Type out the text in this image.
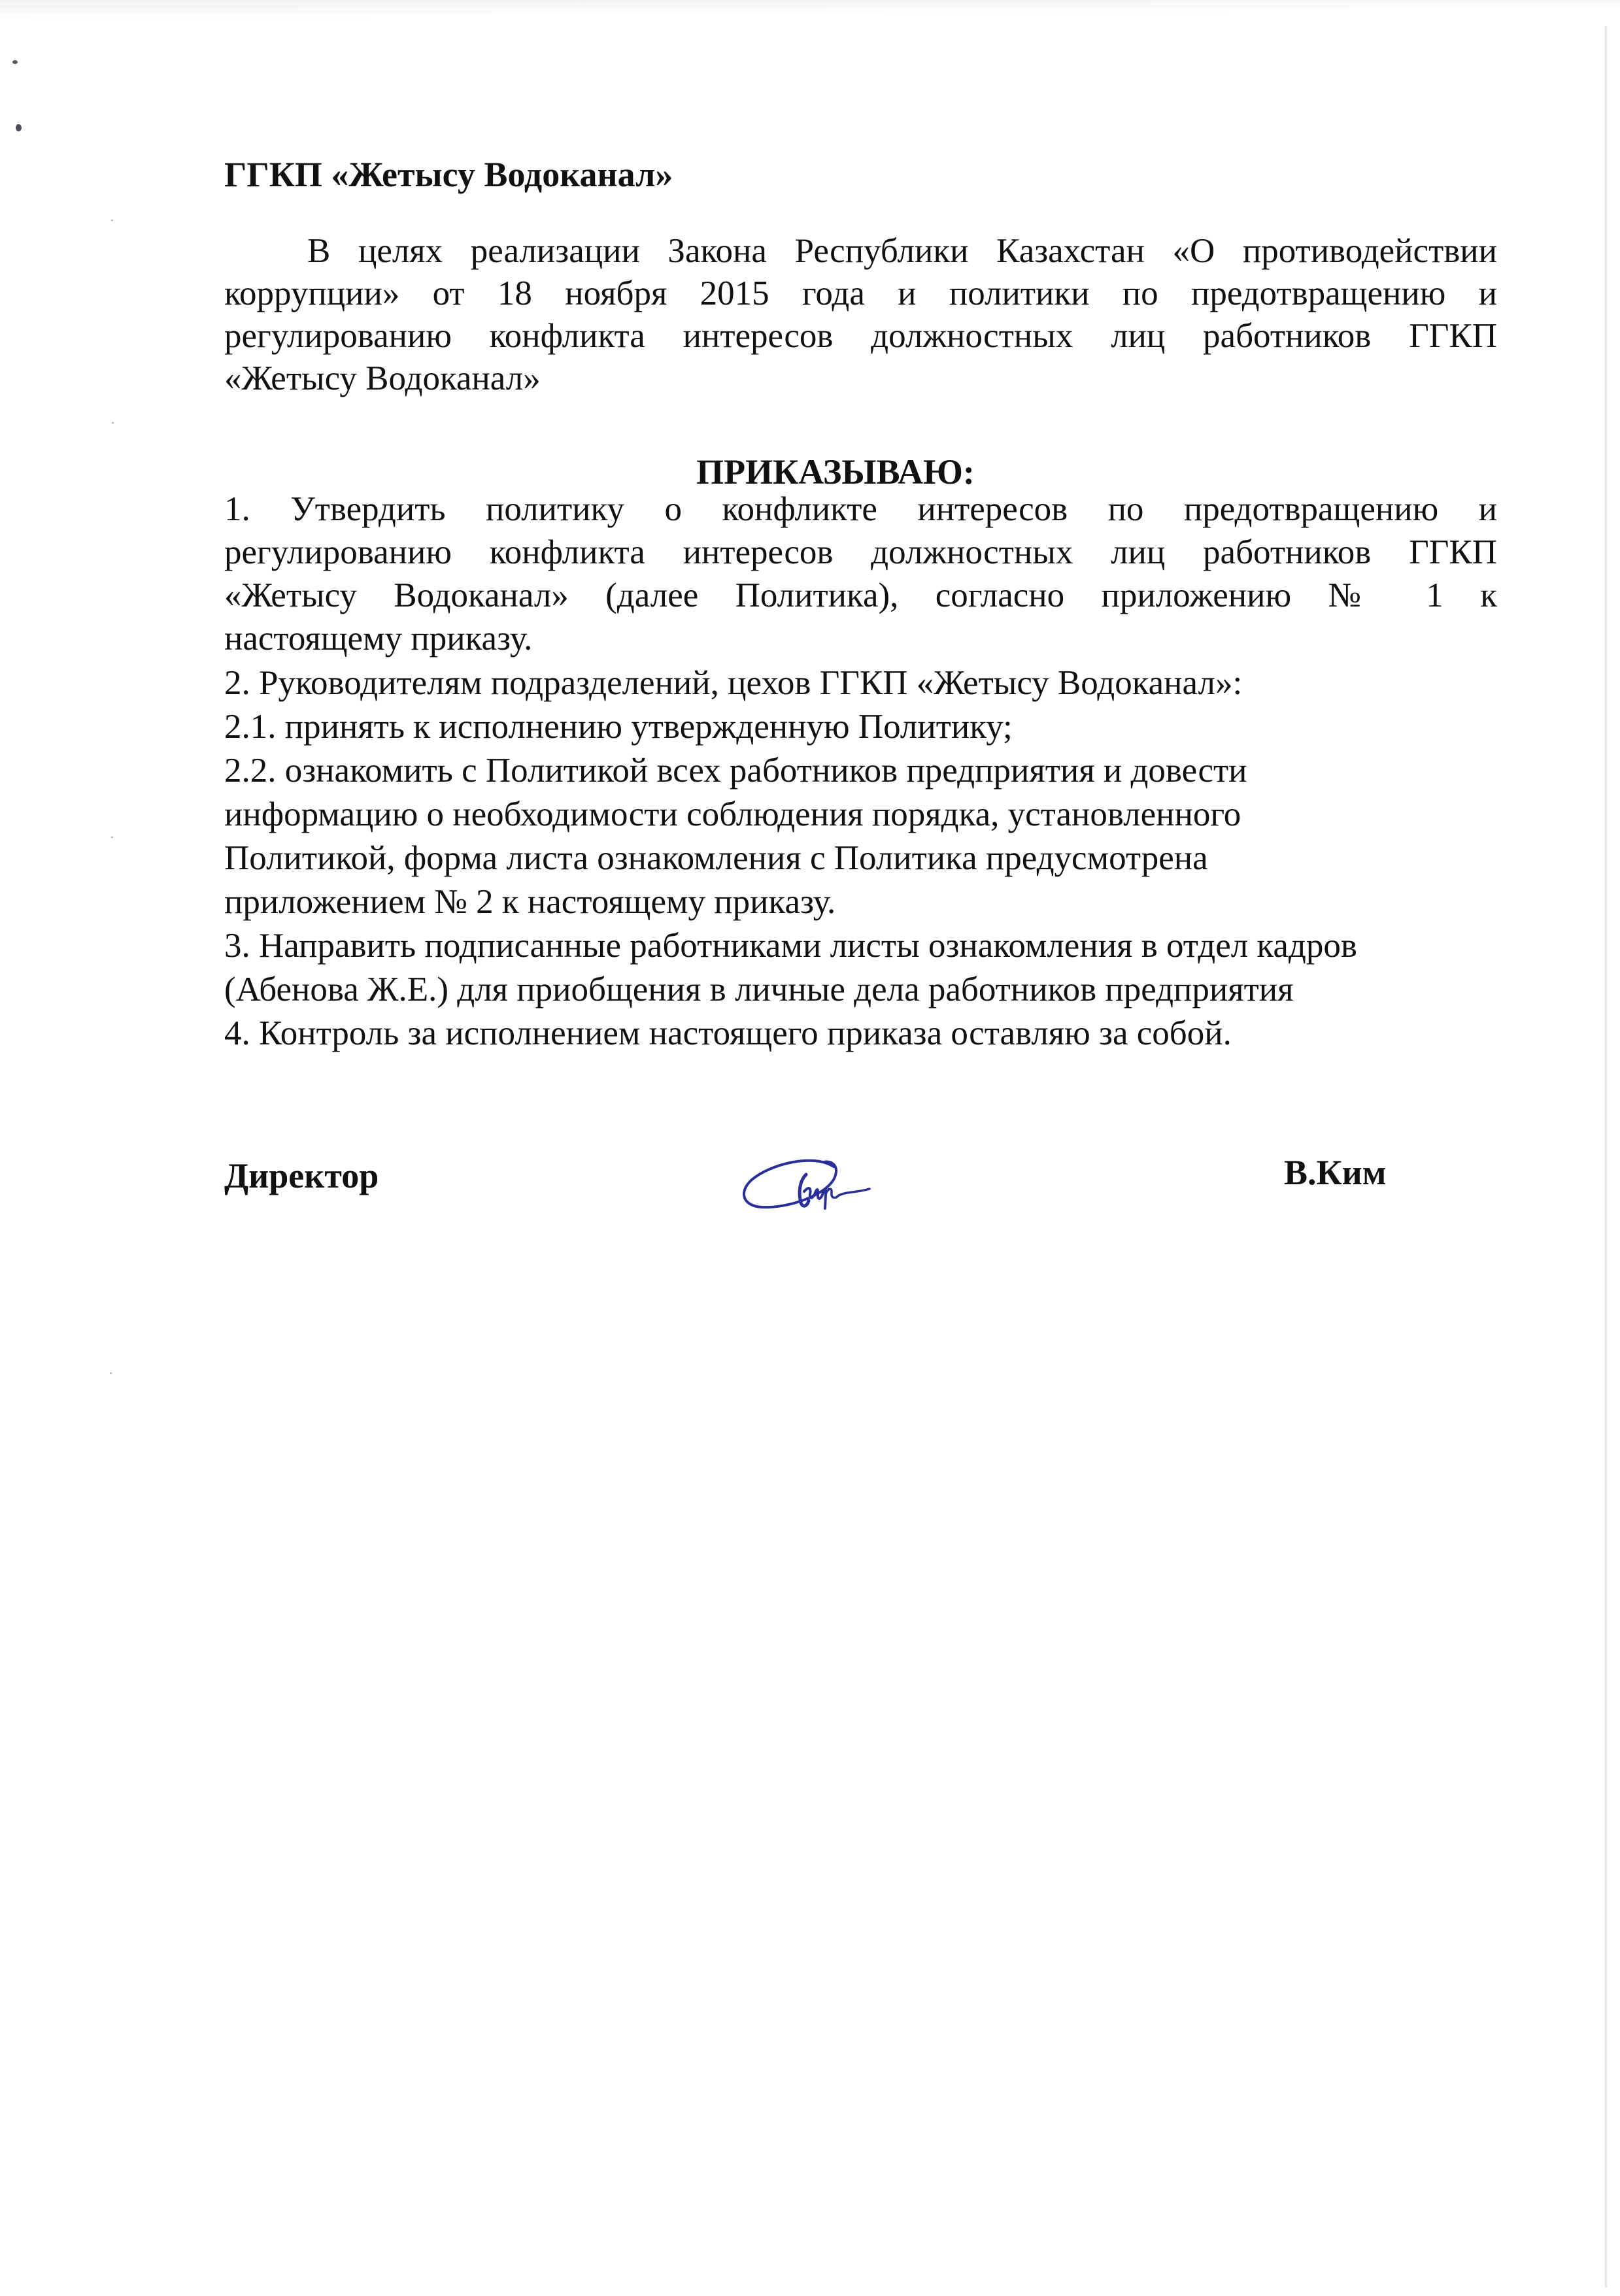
ГГКП «Жетысу Водоканал»
В целях реализации Закона Республики Казахстан «О противодействии
коррупции» от 18 ноября 2015 года и политики по предотвращению и
регулированию конфликта интересов должностных лиц работников ГГКП
«Жетысу Водоканал»
ПРИКАЗЫВАЮ:
1. Утвердить политику о конфликте интересов по предотвращению и
регулированию конфликта интересов должностных лиц работников ГГКП
«Жетысу Водоканал» (далее Политика), согласно приложению № 1 к
настоящему приказу.
2. Руководителям подразделений, цехов ГГКП «Жетысу Водоканал»:
2.1. принять к исполнению утвержденную Политику;
2.2. ознакомить с Политикой всех работников предприятия и довести
информацию о необходимости соблюдения порядка, установленного
Политикой, форма листа ознакомления с Политика предусмотрена
приложением № 2 к настоящему приказу.
3. Направить подписанные работниками листы ознакомления в отдел кадров
(Абенова Ж.Е.) для приобщения в личные дела работников предприятия
4. Контроль за исполнением настоящего приказа оставляю за собой.
Директор	В.Ким
